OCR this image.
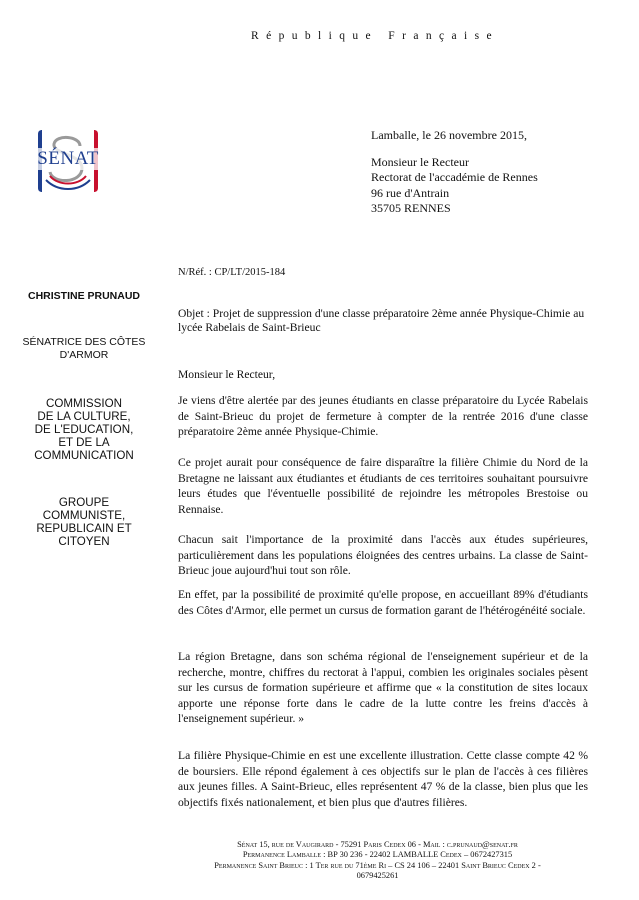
République Française
SÉNAT
CHRISTINE PRUNAUD
SÉNATRICE DES CÔTES
D'ARMOR
COMMISSION
DE LA CULTURE,
DE L'EDUCATION,
ET DE LA
COMMUNICATION
GROUPE
COMMUNISTE,
REPUBLICAIN ET
CITOYEN
Lamballe, le 26 novembre 2015,
Monsieur le Recteur
Rectorat de l'accadémie de Rennes
96 rue d'Antrain
35705 RENNES
N/Réf. : CP/LT/2015-184
Objet : Projet de suppression d'une classe préparatoire 2ème année Physique-Chimie au lycée Rabelais de Saint-Brieuc
Monsieur le Recteur,
Je viens d'être alertée par des jeunes étudiants en classe préparatoire du Lycée Rabelais de Saint-Brieuc du projet de fermeture à compter de la rentrée 2016 d'une classe préparatoire 2ème année Physique-Chimie.
Ce projet aurait pour conséquence de faire disparaître la filière Chimie du Nord de la Bretagne ne laissant aux étudiantes et étudiants de ces territoires souhaitant poursuivre leurs études que l'éventuelle possibilité de rejoindre les métropoles Brestoise ou Rennaise.
Chacun sait l'importance de la proximité dans l'accès aux études supérieures, particulièrement dans les populations éloignées des centres urbains. La classe de Saint-Brieuc joue aujourd'hui tout son rôle.
En effet, par la possibilité de proximité qu'elle propose, en accueillant 89% d'étudiants des Côtes d'Armor, elle permet un cursus de formation garant de l'hétérogénéité sociale.
La région Bretagne, dans son schéma régional de l'enseignement supérieur et de la recherche, montre, chiffres du rectorat à l'appui, combien les originales sociales pèsent sur les cursus de formation supérieure et affirme que « la constitution de sites locaux apporte une réponse forte dans le cadre de la lutte contre les freins d'accès à l'enseignement supérieur. »
La filière Physique-Chimie en est une excellente illustration. Cette classe compte 42 % de boursiers. Elle répond également à ces objectifs sur le plan de l'accès à ces filières aux jeunes filles. A Saint-Brieuc, elles représentent 47 % de la classe, bien plus que les objectifs fixés nationalement, et bien plus que d'autres filières.
Sénat 15, rue de Vaugirard - 75291 Paris Cedex 06 - Mail : c.prunaud@senat.fr
Permanence Lamballe : BP 30 236 - 22402 LAMBALLE Cedex – 0672427315
Permanence Saint Brieuc : 1 Ter rue du 71ème Ri – CS 24 106 – 22401 Saint Brieuc Cedex 2 -
0679425261
